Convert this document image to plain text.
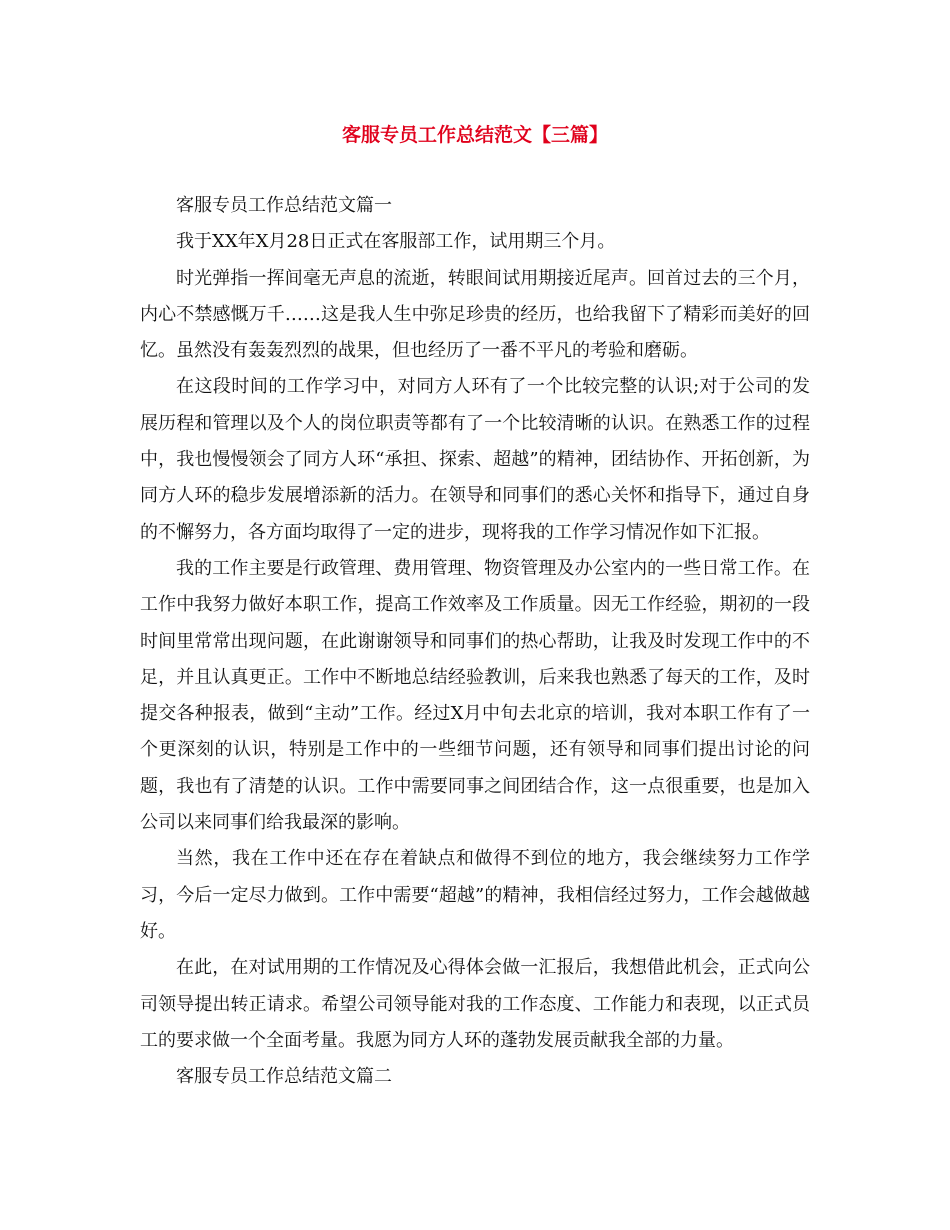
客服专员工作总结范文【三篇】

客服专员工作总结范文篇一

我于XX年X月28日正式在客服部工作，试用期三个月。

时光弹指一挥间毫无声息的流逝，转眼间试用期接近尾声。回首过去的三个月，内心不禁感慨万千……这是我人生中弥足珍贵的经历，也给我留下了精彩而美好的回忆。虽然没有轰轰烈烈的战果，但也经历了一番不平凡的考验和磨砺。

在这段时间的工作学习中，对同方人环有了一个比较完整的认识;对于公司的发展历程和管理以及个人的岗位职责等都有了一个比较清晰的认识。在熟悉工作的过程中，我也慢慢领会了同方人环“承担、探索、超越”的精神，团结协作、开拓创新，为同方人环的稳步发展增添新的活力。在领导和同事们的悉心关怀和指导下，通过自身的不懈努力，各方面均取得了一定的进步，现将我的工作学习情况作如下汇报。

我的工作主要是行政管理、费用管理、物资管理及办公室内的一些日常工作。在工作中我努力做好本职工作，提高工作效率及工作质量。因无工作经验，期初的一段时间里常常出现问题，在此谢谢领导和同事们的热心帮助，让我及时发现工作中的不足，并且认真更正。工作中不断地总结经验教训，后来我也熟悉了每天的工作，及时提交各种报表，做到“主动”工作。经过X月中旬去北京的培训，我对本职工作有了一个更深刻的认识，特别是工作中的一些细节问题，还有领导和同事们提出讨论的问题，我也有了清楚的认识。工作中需要同事之间团结合作，这一点很重要，也是加入公司以来同事们给我最深的影响。

当然，我在工作中还在存在着缺点和做得不到位的地方，我会继续努力工作学习，今后一定尽力做到。工作中需要“超越”的精神，我相信经过努力，工作会越做越好。

在此，在对试用期的工作情况及心得体会做一汇报后，我想借此机会，正式向公司领导提出转正请求。希望公司领导能对我的工作态度、工作能力和表现，以正式员工的要求做一个全面考量。我愿为同方人环的蓬勃发展贡献我全部的力量。

客服专员工作总结范文篇二
